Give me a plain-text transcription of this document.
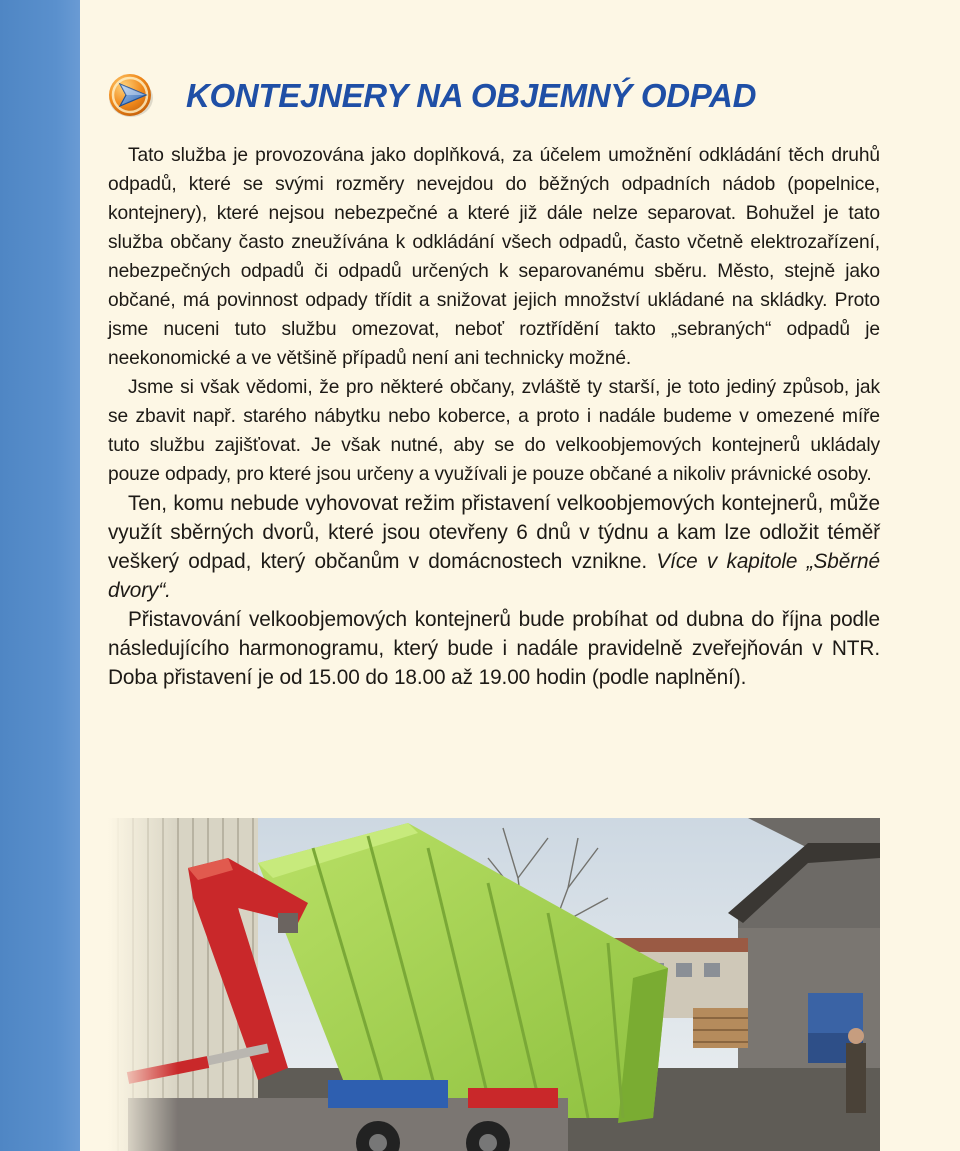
KONTEJNERY NA OBJEMNÝ ODPAD

Tato služba je provozována jako doplňková, za účelem umožnění odkládání těch druhů odpadů, které se svými rozměry nevejdou do běžných odpadních nádob (popelnice, kontejnery), které nejsou nebezpečné a které již dále nelze separovat. Bohužel je tato služba občany často zneužívána k odkládání všech odpadů, často včetně elektrozařízení, nebezpečných odpadů či odpadů určených k separovanému sběru. Město, stejně jako občané, má povinnost odpady třídit a snižovat jejich množství ukládané na skládky. Proto jsme nuceni tuto službu omezovat, neboť roztřídění takto „sebraných“ odpadů je neekonomické a ve většině případů není ani technicky možné.

Jsme si však vědomi, že pro některé občany, zvláště ty starší, je toto jediný způsob, jak se zbavit např. starého nábytku nebo koberce, a proto i nadále budeme v omezené míře tuto službu zajišťovat. Je však nutné, aby se do velkoobjemových kontejnerů ukládaly pouze odpady, pro které jsou určeny a využívali je pouze občané a nikoliv právnické osoby.

Ten, komu nebude vyhovovat režim přistavení velkoobjemových kontejnerů, může využít sběrných dvorů, které jsou otevřeny 6 dnů v týdnu a kam lze odložit téměř veškerý odpad, který občanům v domácnostech vznikne. Více v kapitole „Sběrné dvory“.

Přistavování velkoobjemových kontejnerů bude probíhat od dubna do října podle následujícího harmonogramu, který bude i nadále pravidelně zveřejňován v NTR. Doba přistavení je od 15.00 do 18.00 až 19.00 hodin (podle naplnění).
